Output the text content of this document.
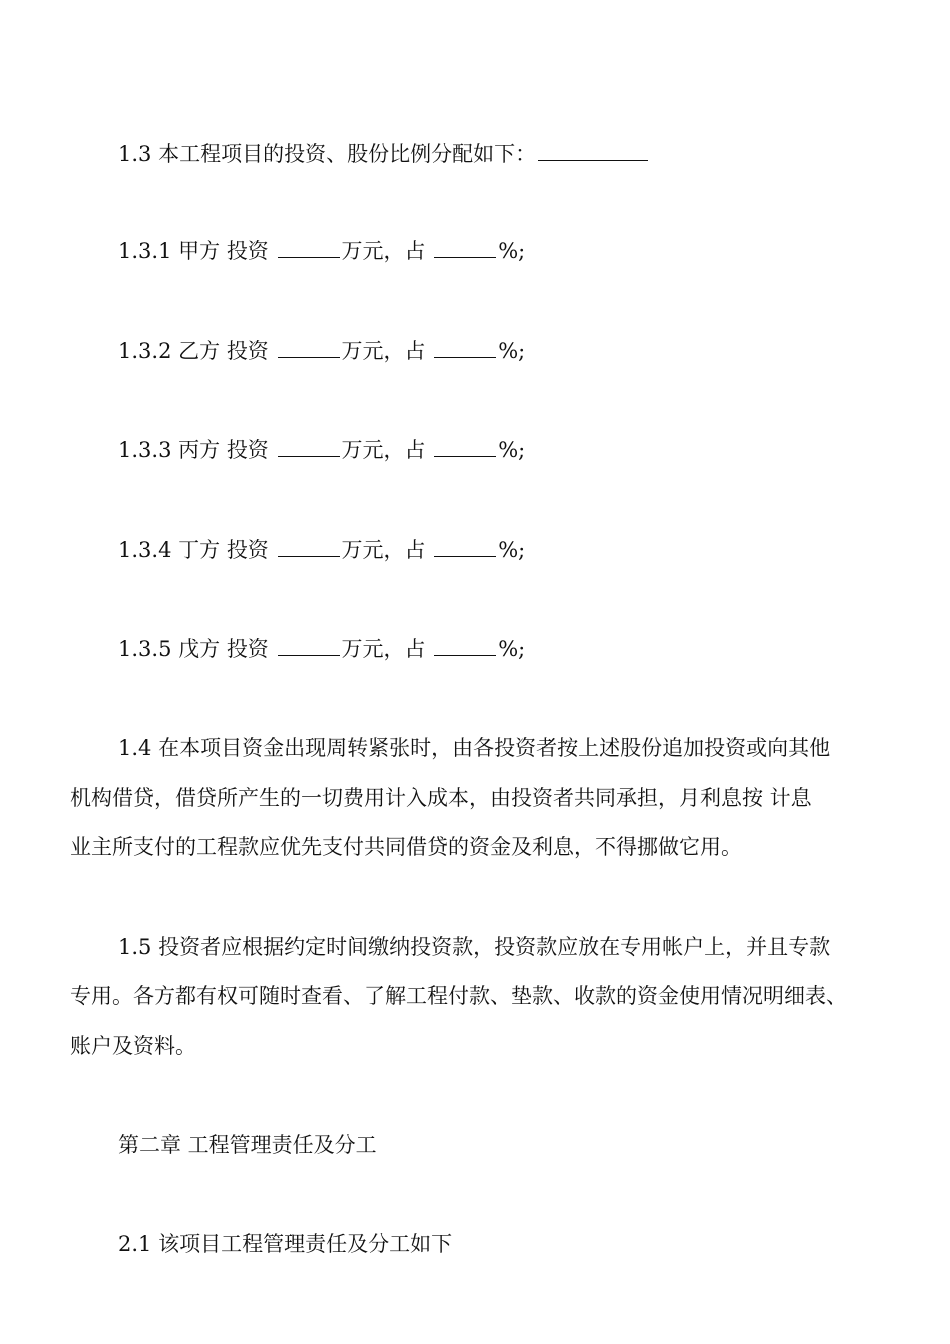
1.3 本工程项目的投资、股份比例分配如下：
1.3.1 甲方 投资	万元，占	%;
1.3.2 乙方 投资	万元，占	%;
1.3.3 丙方 投资	万元，占	%;
1.3.4 丁方 投资	万元，占	%;
1.3.5 戊方 投资	万元，占	%;
1.4 在本项目资金出现周转紧张时，由各投资者按上述股份追加投资或向其他
机构借贷，借贷所产生的一切费用计入成本，由投资者共同承担，月利息按 计息
业主所支付的工程款应优先支付共同借贷的资金及利息，不得挪做它用。
1.5 投资者应根据约定时间缴纳投资款，投资款应放在专用帐户上，并且专款
专用。各方都有权可随时查看、了解工程付款、垫款、收款的资金使用情况明细表、
账户及资料。
第二章 工程管理责任及分工
2.1 该项目工程管理责任及分工如下
